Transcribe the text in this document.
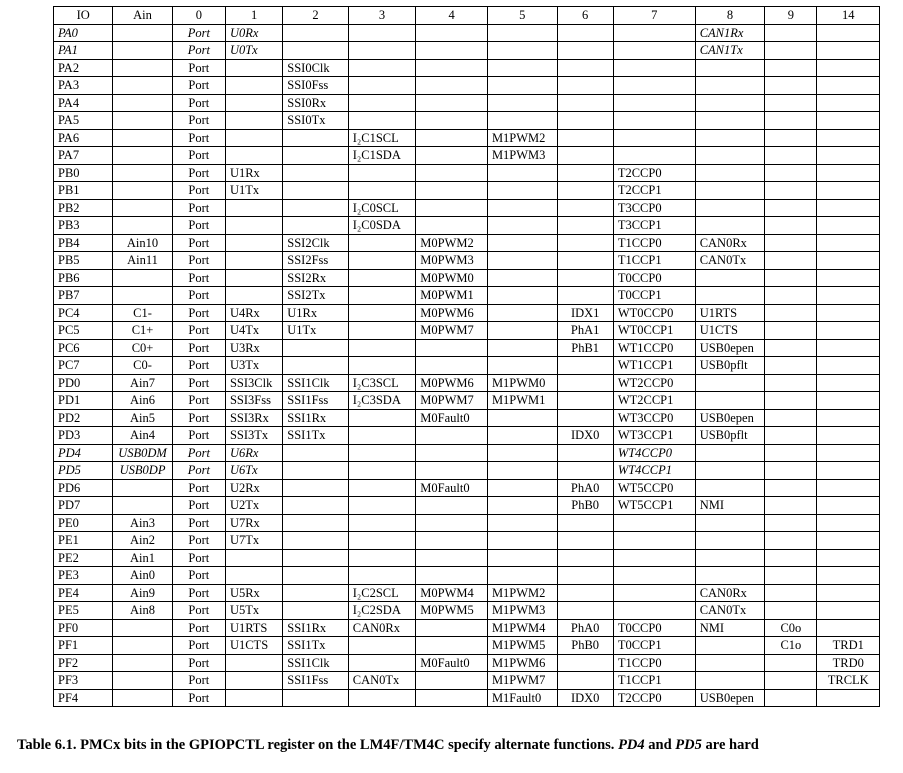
IO	Ain	0	1	2	3	4	5	6	7	8	9	14
PA0		Port	U0Rx							CAN1Rx		
PA1		Port	U0Tx							CAN1Tx		
PA2		Port		SSI0Clk								
PA3		Port		SSI0Fss								
PA4		Port		SSI0Rx								
PA5		Port		SSI0Tx								
PA6		Port			I₂C1SCL		M1PWM2					
PA7		Port			I₂C1SDA		M1PWM3					
PB0		Port	U1Rx						T2CCP0			
PB1		Port	U1Tx						T2CCP1			
PB2		Port			I₂C0SCL				T3CCP0			
PB3		Port			I₂C0SDA				T3CCP1			
PB4	Ain10	Port		SSI2Clk		M0PWM2			T1CCP0	CAN0Rx		
PB5	Ain11	Port		SSI2Fss		M0PWM3			T1CCP1	CAN0Tx		
PB6		Port		SSI2Rx		M0PWM0			T0CCP0			
PB7		Port		SSI2Tx		M0PWM1			T0CCP1			
PC4	C1-	Port	U4Rx	U1Rx		M0PWM6		IDX1	WT0CCP0	U1RTS		
PC5	C1+	Port	U4Tx	U1Tx		M0PWM7		PhA1	WT0CCP1	U1CTS		
PC6	C0+	Port	U3Rx					PhB1	WT1CCP0	USB0epen		
PC7	C0-	Port	U3Tx						WT1CCP1	USB0pflt		
PD0	Ain7	Port	SSI3Clk	SSI1Clk	I₂C3SCL	M0PWM6	M1PWM0		WT2CCP0			
PD1	Ain6	Port	SSI3Fss	SSI1Fss	I₂C3SDA	M0PWM7	M1PWM1		WT2CCP1			
PD2	Ain5	Port	SSI3Rx	SSI1Rx		M0Fault0			WT3CCP0	USB0epen		
PD3	Ain4	Port	SSI3Tx	SSI1Tx				IDX0	WT3CCP1	USB0pflt		
PD4	USB0DM	Port	U6Rx						WT4CCP0			
PD5	USB0DP	Port	U6Tx						WT4CCP1			
PD6		Port	U2Rx			M0Fault0		PhA0	WT5CCP0			
PD7		Port	U2Tx					PhB0	WT5CCP1	NMI		
PE0	Ain3	Port	U7Rx									
PE1	Ain2	Port	U7Tx									
PE2	Ain1	Port										
PE3	Ain0	Port										
PE4	Ain9	Port	U5Rx		I₂C2SCL	M0PWM4	M1PWM2			CAN0Rx		
PE5	Ain8	Port	U5Tx		I₂C2SDA	M0PWM5	M1PWM3			CAN0Tx		
PF0		Port	U1RTS	SSI1Rx	CAN0Rx		M1PWM4	PhA0	T0CCP0	NMI	C0o	
PF1		Port	U1CTS	SSI1Tx			M1PWM5	PhB0	T0CCP1		C1o	TRD1
PF2		Port		SSI1Clk		M0Fault0	M1PWM6		T1CCP0			TRD0
PF3		Port		SSI1Fss	CAN0Tx		M1PWM7		T1CCP1			TRCLK
PF4		Port					M1Fault0	IDX0	T2CCP0	USB0epen		
Table 6.1. PMCx bits in the GPIOPCTL register on the LM4F/TM4C specify alternate functions. PD4 and PD5 are hard
